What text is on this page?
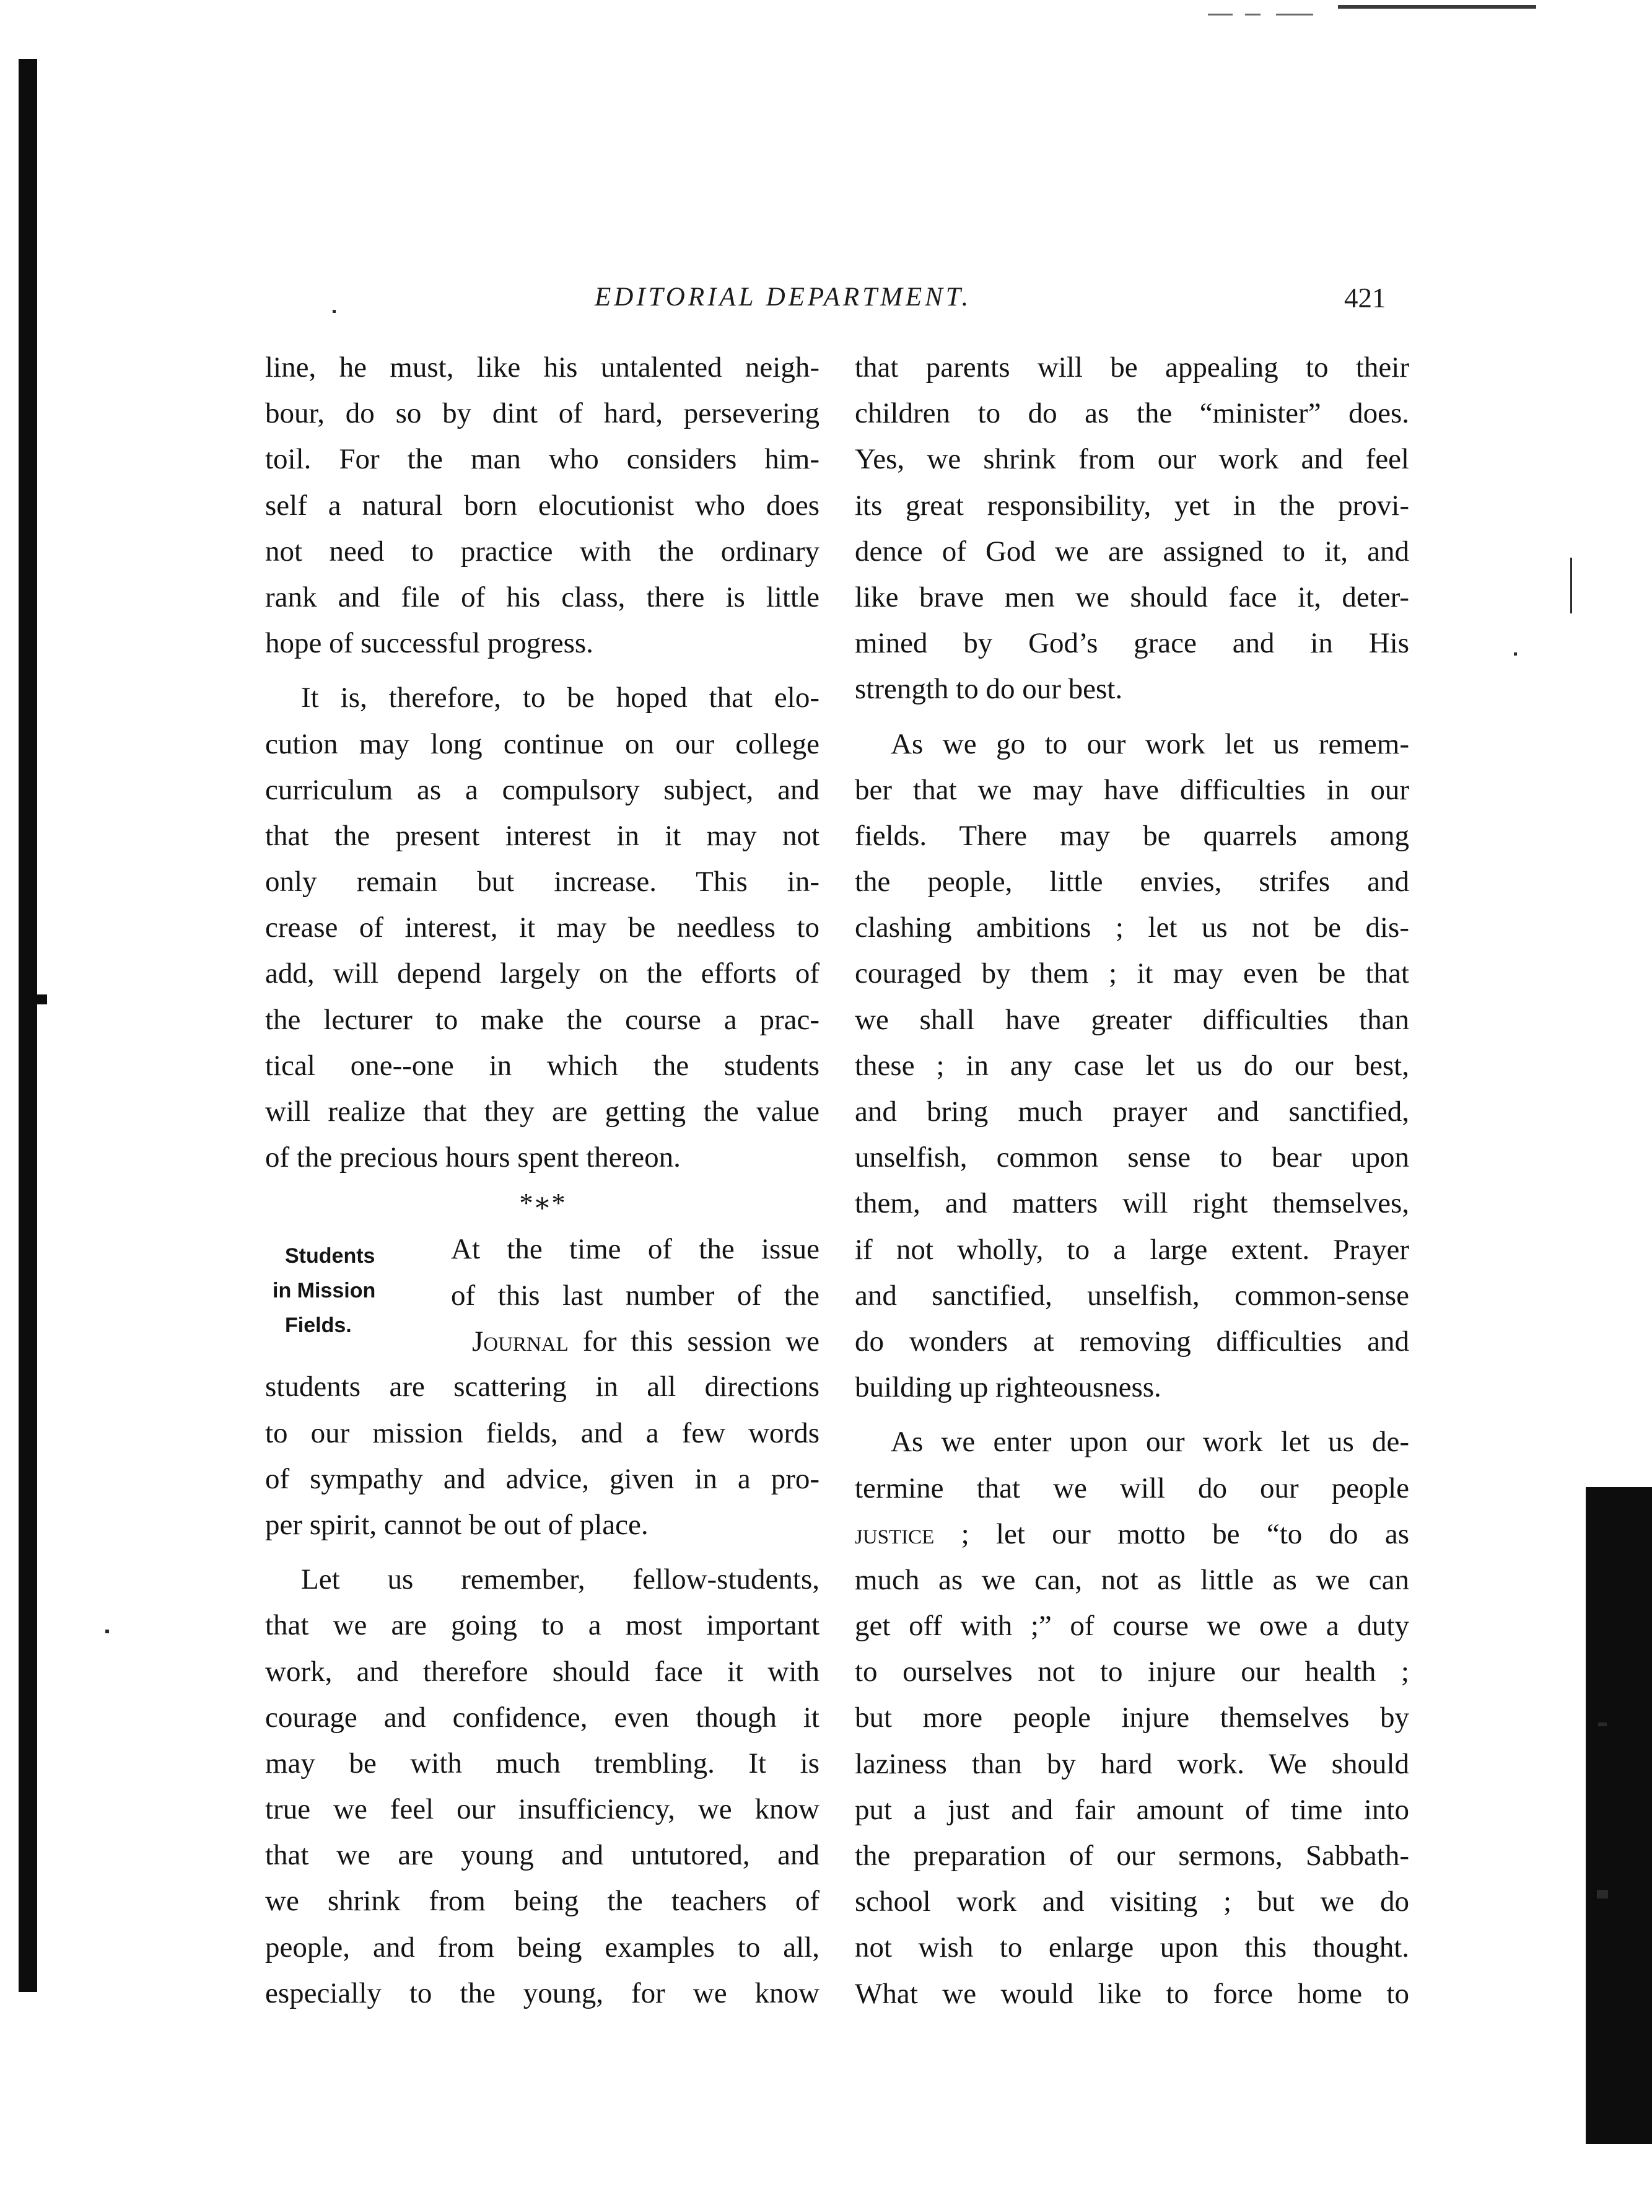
EDITORIAL DEPARTMENT.	421
line, he must, like his untalented neigh-
bour, do so by dint of hard, persevering
toil. For the man who considers him-
self a natural born elocutionist who does
not need to practice with the ordinary
rank and file of his class, there is little
hope of successful progress.
It is, therefore, to be hoped that elo-
cution may long continue on our college
curriculum as a compulsory subject, and
that the present interest in it may not
only remain but increase. This in-
crease of interest, it may be needless to
add, will depend largely on the efforts of
the lecturer to make the course a prac-
tical one--one in which the students
will realize that they are getting the value
of the precious hours spent thereon.
*∗*
Students
in Mission
Fields.
At the time of the issue
of this last number of the
Journal for this session we
students are scattering in all directions
to our mission fields, and a few words
of sympathy and advice, given in a pro-
per spirit, cannot be out of place.
Let us remember, fellow-students,
that we are going to a most important
work, and therefore should face it with
courage and confidence, even though it
may be with much trembling. It is
true we feel our insufficiency, we know
that we are young and untutored, and
we shrink from being the teachers of
people, and from being examples to all,
especially to the young, for we know
that parents will be appealing to their
children to do as the “minister” does.
Yes, we shrink from our work and feel
its great responsibility, yet in the provi-
dence of God we are assigned to it, and
like brave men we should face it, deter-
mined by God’s grace and in His
strength to do our best.
As we go to our work let us remem-
ber that we may have difficulties in our
fields. There may be quarrels among
the people, little envies, strifes and
clashing ambitions ; let us not be dis-
couraged by them ; it may even be that
we shall have greater difficulties than
these ; in any case let us do our best,
and bring much prayer and sanctified,
unselfish, common sense to bear upon
them, and matters will right themselves,
if not wholly, to a large extent. Prayer
and sanctified, unselfish, common-sense
do wonders at removing difficulties and
building up righteousness.
As we enter upon our work let us de-
termine that we will do our people
justice ; let our motto be “to do as
much as we can, not as little as we can
get off with ;” of course we owe a duty
to ourselves not to injure our health ;
but more people injure themselves by
laziness than by hard work. We should
put a just and fair amount of time into
the preparation of our sermons, Sabbath-
school work and visiting ; but we do
not wish to enlarge upon this thought.
What we would like to force home to
